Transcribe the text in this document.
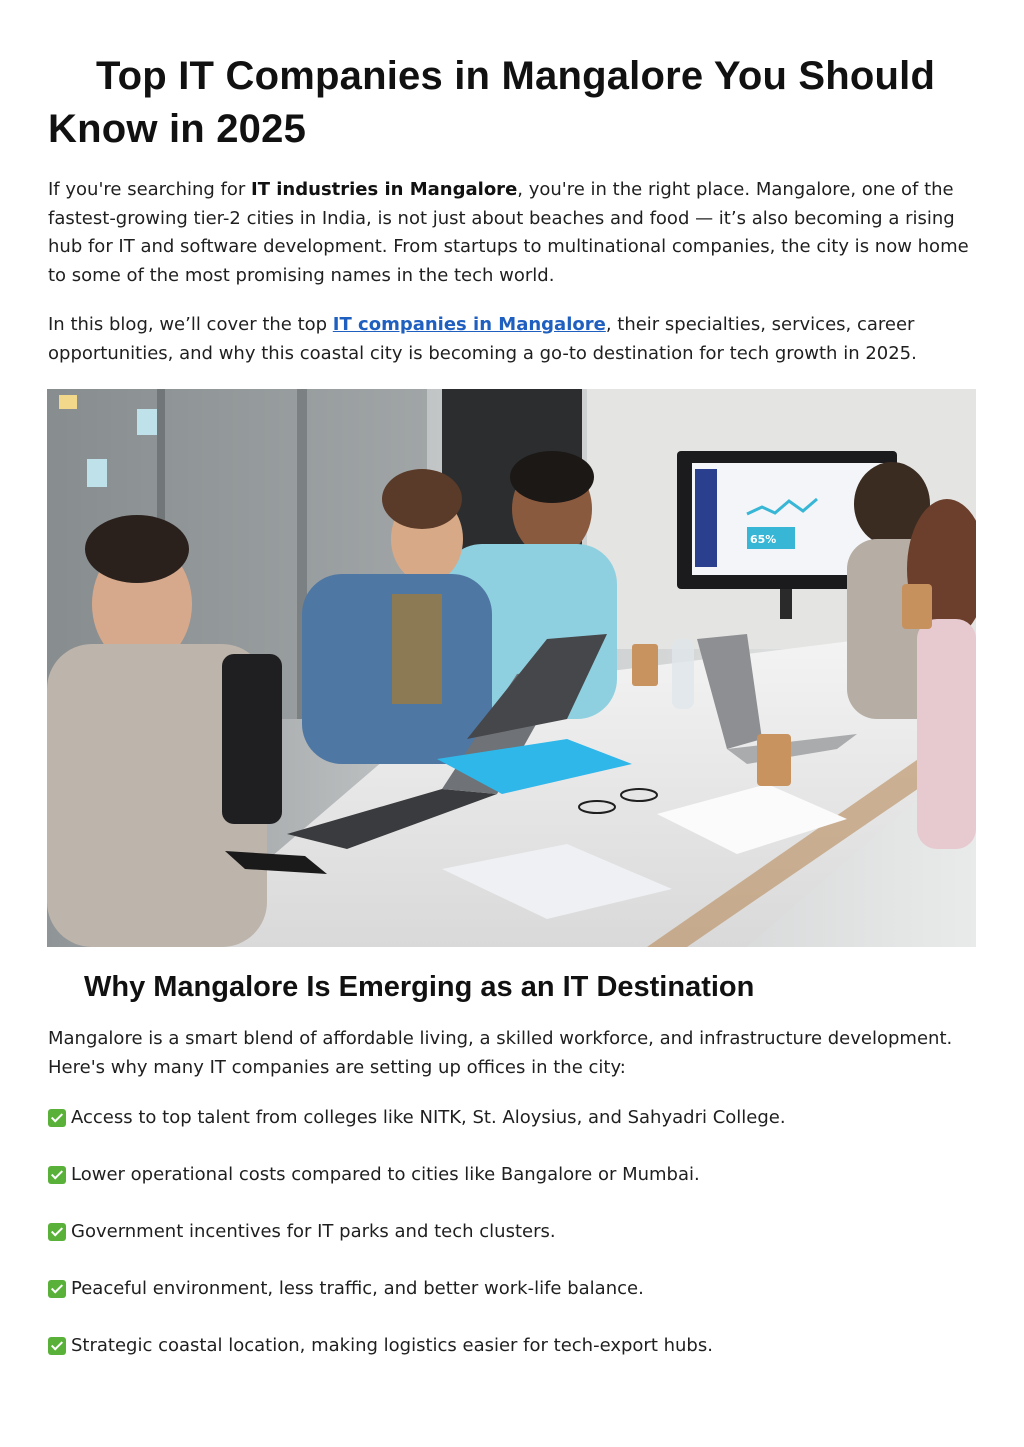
Top IT Companies in Mangalore You Should Know in 2025

If you're searching for IT industries in Mangalore, you're in the right place. Mangalore, one of the fastest-growing tier-2 cities in India, is not just about beaches and food — it’s also becoming a rising hub for IT and software development. From startups to multinational companies, the city is now home to some of the most promising names in the tech world.

In this blog, we’ll cover the top IT companies in Mangalore, their specialties, services, career opportunities, and why this coastal city is becoming a go-to destination for tech growth in 2025.

65%
Why Mangalore Is Emerging as an IT Destination

Mangalore is a smart blend of affordable living, a skilled workforce, and infrastructure development. Here's why many IT companies are setting up offices in the city:

Access to top talent from colleges like NITK, St. Aloysius, and Sahyadri College.
Lower operational costs compared to cities like Bangalore or Mumbai.
Government incentives for IT parks and tech clusters.
Peaceful environment, less traffic, and better work-life balance.
Strategic coastal location, making logistics easier for tech-export hubs.
